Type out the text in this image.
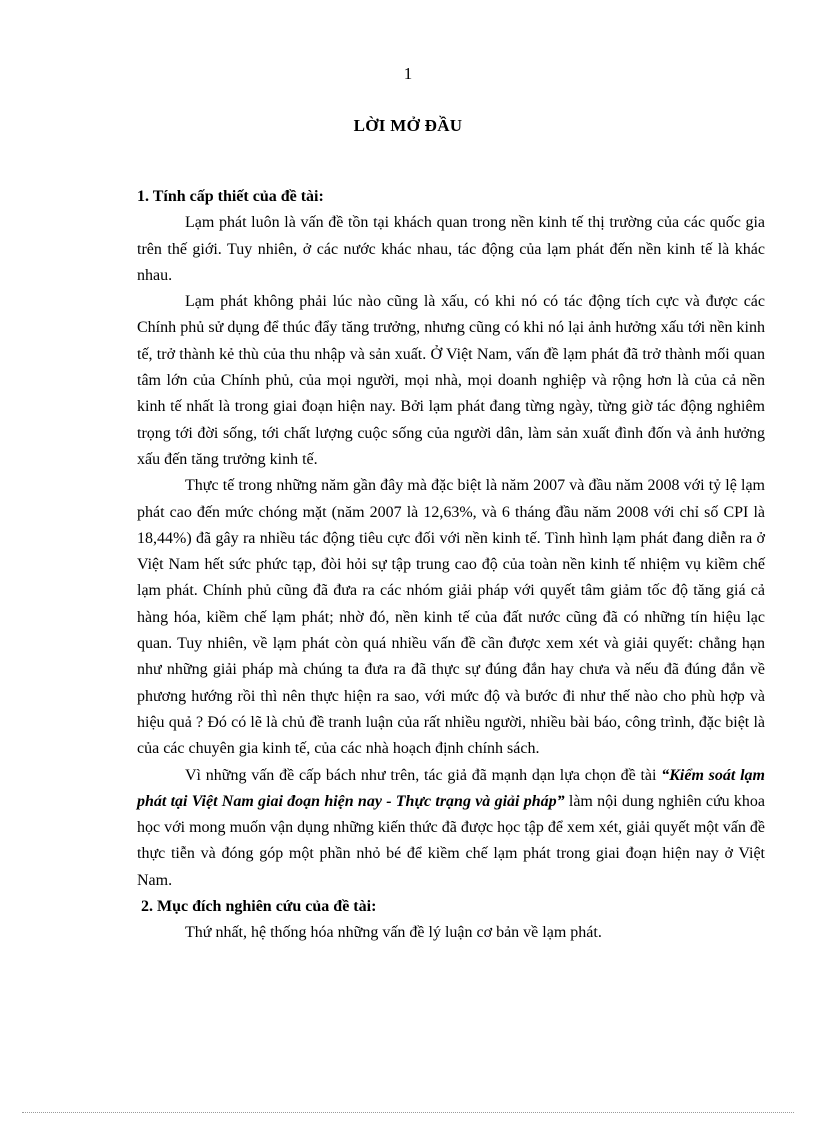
1
LỜI MỞ ĐẦU

1. Tính cấp thiết của đề tài:

Lạm phát luôn là vấn đề tồn tại khách quan trong nền kinh tế thị trường của các quốc gia trên thế giới. Tuy nhiên, ở các nước khác nhau, tác động của lạm phát đến nền kinh tế là khác nhau.

Lạm phát không phải lúc nào cũng là xấu, có khi nó có tác động tích cực và được các Chính phủ sử dụng để thúc đẩy tăng trưởng, nhưng cũng có khi nó lại ảnh hưởng xấu tới nền kinh tế, trở thành kẻ thù của thu nhập và sản xuất. Ở Việt Nam, vấn đề lạm phát đã trở thành mối quan tâm lớn của Chính phủ, của mọi người, mọi nhà, mọi doanh nghiệp và rộng hơn là của cả nền kinh tế nhất là trong giai đoạn hiện nay. Bởi lạm phát đang từng ngày, từng giờ tác động nghiêm trọng tới đời sống, tới chất lượng cuộc sống của người dân, làm sản xuất đình đốn và ảnh hưởng xấu đến tăng trưởng kinh tế.

Thực tế trong những năm gần đây mà đặc biệt là năm 2007 và đầu năm 2008 với tỷ lệ lạm phát cao đến mức chóng mặt (năm 2007 là 12,63%, và 6 tháng đầu năm 2008 với chỉ số CPI là 18,44%) đã gây ra nhiều tác động tiêu cực đối với nền kinh tế. Tình hình lạm phát đang diễn ra ở Việt Nam hết sức phức tạp, đòi hỏi sự tập trung cao độ của toàn nền kinh tế nhiệm vụ kiềm chế lạm phát. Chính phủ cũng đã đưa ra các nhóm giải pháp với quyết tâm giảm tốc độ tăng giá cả hàng hóa, kiềm chế lạm phát; nhờ đó, nền kinh tế của đất nước cũng đã có những tín hiệu lạc quan. Tuy nhiên, về lạm phát còn quá nhiều vấn đề cần được xem xét và giải quyết: chẳng hạn như những giải pháp mà chúng ta đưa ra đã thực sự đúng đắn hay chưa và nếu đã đúng đắn về phương hướng rồi thì nên thực hiện ra sao, với mức độ và bước đi như thế nào cho phù hợp và hiệu quả ? Đó có lẽ là chủ đề tranh luận của rất nhiều người, nhiều bài báo, công trình, đặc biệt là của các chuyên gia kinh tế, của các nhà hoạch định chính sách.

Vì những vấn đề cấp bách như trên, tác giả đã mạnh dạn lựa chọn đề tài “Kiểm soát lạm phát tại Việt Nam giai đoạn hiện nay - Thực trạng và giải pháp” làm nội dung nghiên cứu khoa học với mong muốn vận dụng những kiến thức đã được học tập để xem xét, giải quyết một vấn đề thực tiễn và đóng góp một phần nhỏ bé để kiềm chế lạm phát trong giai đoạn hiện nay ở Việt Nam.

2. Mục đích nghiên cứu của đề tài:

Thứ nhất, hệ thống hóa những vấn đề lý luận cơ bản về lạm phát.
